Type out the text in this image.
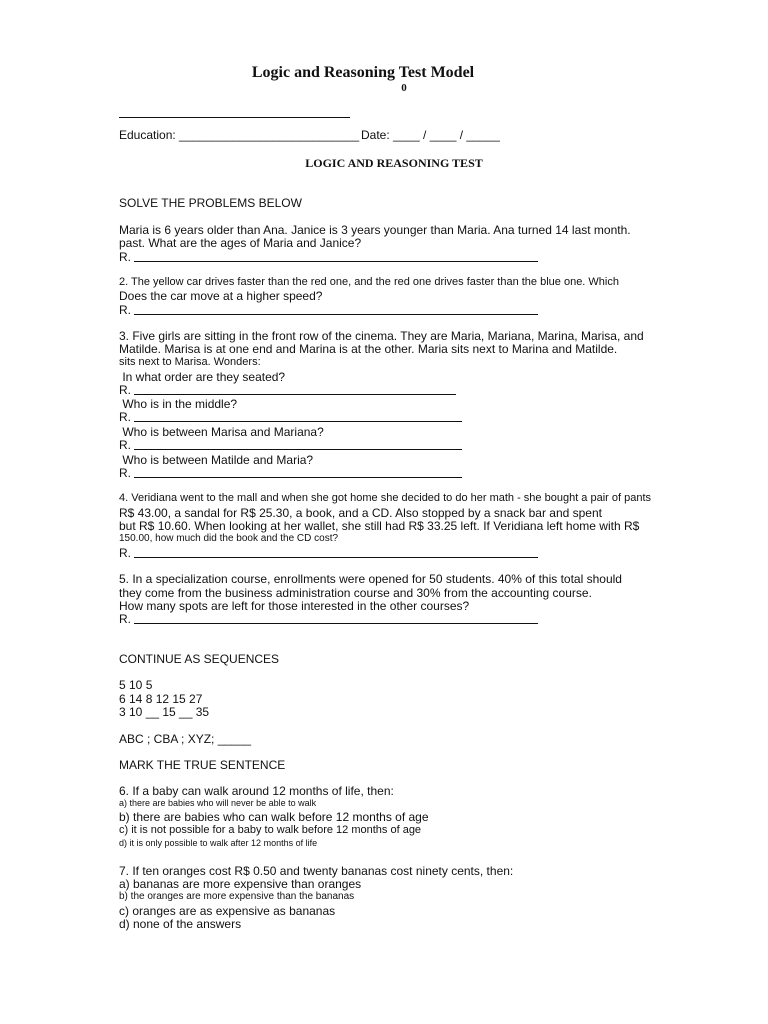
Logic and Reasoning Test Model
0
Education: ___________________________ Date: ____ / ____ / _____
LOGIC AND REASONING TEST
SOLVE THE PROBLEMS BELOW
Maria is 6 years older than Ana. Janice is 3 years younger than Maria. Ana turned 14 last month.
past. What are the ages of Maria and Janice?
R.
2. The yellow car drives faster than the red one, and the red one drives faster than the blue one. Which
Does the car move at a higher speed?
R.
3. Five girls are sitting in the front row of the cinema. They are Maria, Mariana, Marina, Marisa, and
Matilde. Marisa is at one end and Marina is at the other. Maria sits next to Marina and Matilde.
sits next to Marisa. Wonders:
In what order are they seated?
R.
Who is in the middle?
R.
Who is between Marisa and Mariana?
R.
Who is between Matilde and Maria?
R.
4. Veridiana went to the mall and when she got home she decided to do her math - she bought a pair of pants
R$ 43.00, a sandal for R$ 25.30, a book, and a CD. Also stopped by a snack bar and spent
but R$ 10.60. When looking at her wallet, she still had R$ 33.25 left. If Veridiana left home with R$
150.00, how much did the book and the CD cost?
R.
5. In a specialization course, enrollments were opened for 50 students. 40% of this total should
they come from the business administration course and 30% from the accounting course.
How many spots are left for those interested in the other courses?
R.
CONTINUE AS SEQUENCES
5 10 5
6 14 8 12 15 27
3 10 __ 15 __ 35
ABC ; CBA ; XYZ; _____
MARK THE TRUE SENTENCE
6. If a baby can walk around 12 months of life, then:
a) there are babies who will never be able to walk
b) there are babies who can walk before 12 months of age
c) it is not possible for a baby to walk before 12 months of age
d) it is only possible to walk after 12 months of life
7. If ten oranges cost R$ 0.50 and twenty bananas cost ninety cents, then:
a) bananas are more expensive than oranges
b) the oranges are more expensive than the bananas
c) oranges are as expensive as bananas
d) none of the answers
